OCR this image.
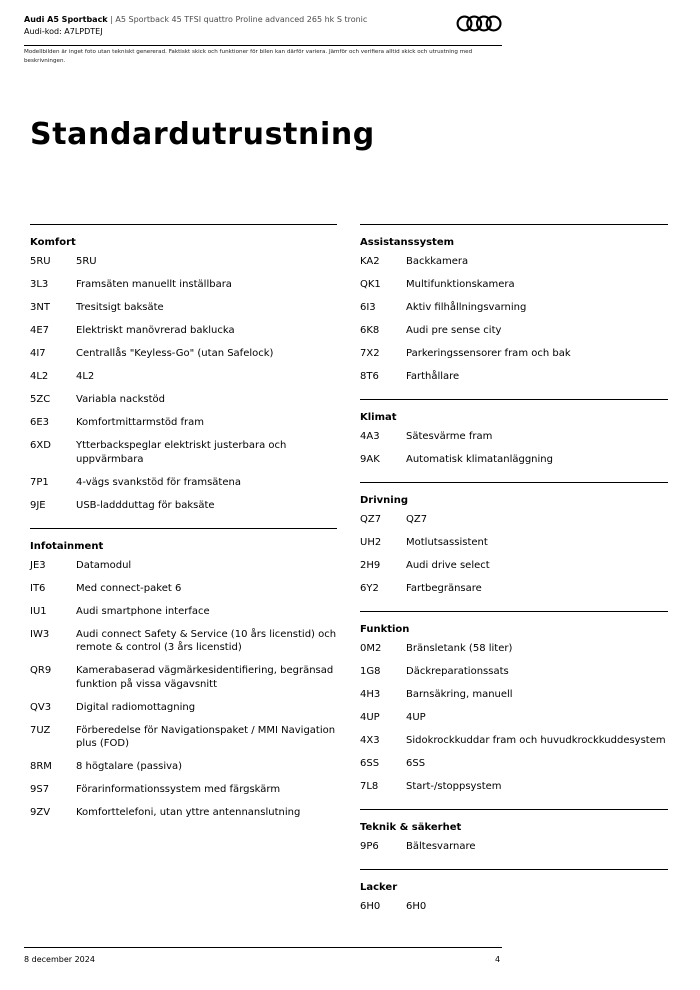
Audi A5 Sportback | A5 Sportback 45 TFSI quattro Proline advanced 265 hk S tronic
Audi-kod: A7LPDTEJ
Modellbilden är inget foto utan tekniskt genererad. Faktiskt skick och funktioner för bilen kan därför variera. Jämför och verifiera alltid skick och utrustning med beskrivningen.
Standardutrustning
Komfort
5RU	5RU
3L3	Framsäten manuellt inställbara
3NT	Tresitsigt baksäte
4E7	Elektriskt manövrerad baklucka
4I7	Centrallås "Keyless-Go" (utan Safelock)
4L2	4L2
5ZC	Variabla nackstöd
6E3	Komfortmittarmstöd fram
6XD	Ytterbackspeglar elektriskt justerbara och uppvärmbara
7P1	4-vägs svankstöd för framsätena
9JE	USB-laddduttag för baksäte
Infotainment
JE3	Datamodul
IT6	Med connect-paket 6
IU1	Audi smartphone interface
IW3	Audi connect Safety & Service (10 års licenstid) och remote & control (3 års licenstid)
QR9	Kamerabaserad vägmärkesidentifiering, begränsad funktion på vissa vägavsnitt
QV3	Digital radiomottagning
7UZ	Förberedelse för Navigationspaket / MMI Navigation plus (FOD)
8RM	8 högtalare (passiva)
9S7	Förarinformationssystem med färgskärm
9ZV	Komforttelefoni, utan yttre antennanslutning
Assistanssystem
KA2	Backkamera
QK1	Multifunktionskamera
6I3	Aktiv filhållningsvarning
6K8	Audi pre sense city
7X2	Parkeringssensorer fram och bak
8T6	Farthållare
Klimat
4A3	Sätesvärme fram
9AK	Automatisk klimatanläggning
Drivning
QZ7	QZ7
UH2	Motlutsassistent
2H9	Audi drive select
6Y2	Fartbegränsare
Funktion
0M2	Bränsletank (58 liter)
1G8	Däckreparationssats
4H3	Barnsäkring, manuell
4UP	4UP
4X3	Sidokrockkuddar fram och huvudkrockkuddesystem
6SS	6SS
7L8	Start-/stoppsystem
Teknik & säkerhet
9P6	Bältesvarnare
Lacker
6H0	6H0
8 december 2024	4
